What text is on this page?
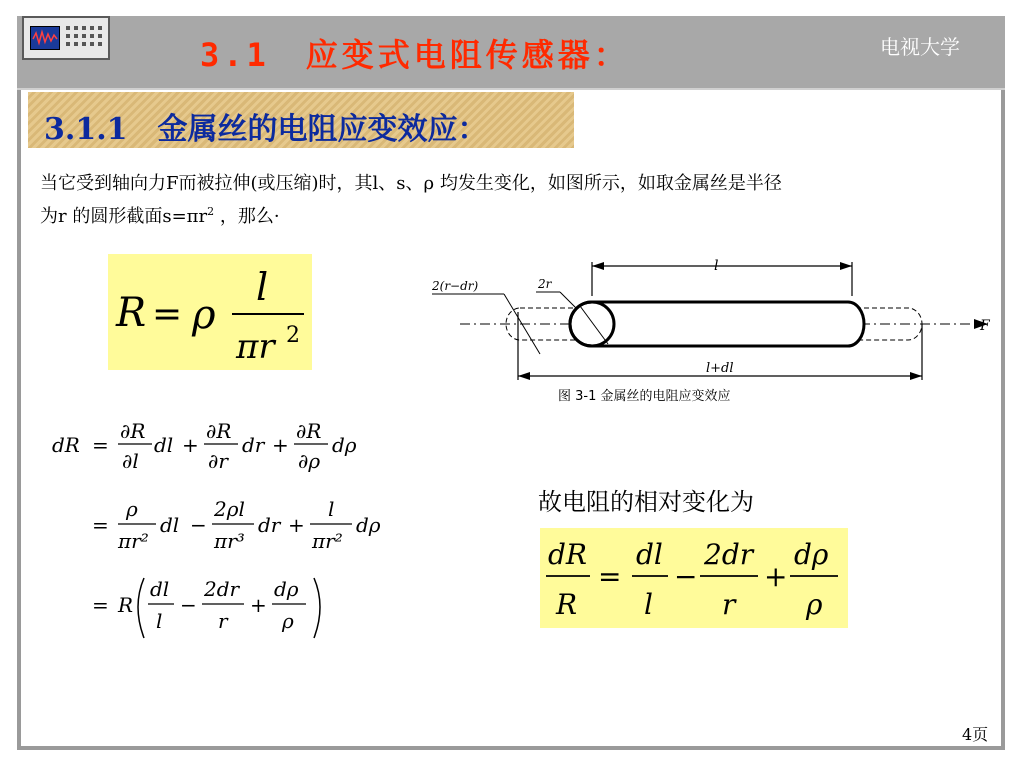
3.1　应变式电阻传感器：	电视大学

3.1.1　金属丝的电阻应变效应：

当它受到轴向力F而被拉伸(或压缩)时，其l、s、ρ 均发生变化，如图所示，如取金属丝是半径
为r 的圆形截面$s=\pi r^2$ ，那么·

R = ρ
l
πr 2
l
2(r−dr)	2r
F
l+dl
图 3-1 金属丝的电阻应变效应
dR =
∂R
∂l
dl +
∂R
∂r
dr +
∂R
∂ρ
dρ
=
ρ
πr²
dl −
2ρl
πr³
dr +
l
πr²
dρ
= R
dl
l
−
2dr
r
+
dρ
ρ

故电阻的相对变化为

dR
R
=
dl
l
−
2dr
r
+
dρ
ρ

4页
